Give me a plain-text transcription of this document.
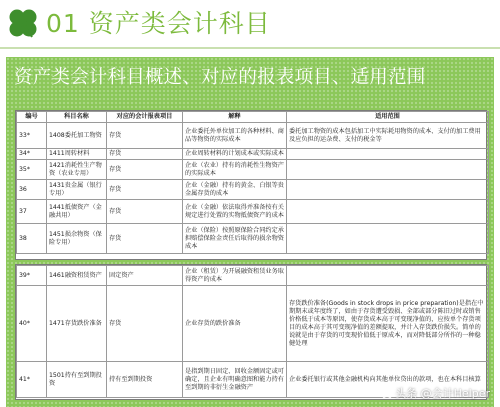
01 资产类会计科目
资产类会计科目概述、对应的报表项目、适用范围
编号	科目名称	对应的会计报表项目	解释	适用范围
33*	1408委托加工物资	存货	企业委托外单位加工的各种材料、商品等物资的实际成本	委托加工物资的成本包括加工中实际耗用物资的成本、支付的加工费用及应负担的运杂费、支付的税金等
34*	1411周转材料	存货	企业周转材料的计划成本或实际成本	
35*	1421消耗性生产物资（农业专用）	存货	企业（农业）持有的消耗性生物资产的实际成本	
36	1431贵金属（银行专用）	存货	企业（金融）持有的黄金、白银等贵金属存货的成本	
37	1441抵债资产（金融共用）	存货	企业（金融）依法取得并准备按有关规定进行处置的实物抵债资产的成本	
38	1451损余物资（保险专用）	存货	企业（保险）按照原保险合同约定承担赔偿保险金责任后取得的损余物资成本	
39*	1461融资租赁资产	固定资产	企业（租赁）为开展融资租赁业务取得资产的成本	
40*	1471存货跌价准备	存货	企业存货的跌价准备	存货跌价准备(Goods in stock drops in price preparation)是指在中期期末或年度终了，如由于存货遭受毁损、全部或部分陈旧过时或销售价格低于成本等原因，使存货成本高于可变现净值的，应按单个存货项目的成本高于其可变现净值的差额提取，并计入存货跌价损失。简单的说就是由于存货的可变现价值低于原成本，而对降低部分所作的一种稳健处理
41*	1501持有至到期投资	持有至到期投资	是指到期日固定、回收金额固定或可确定，且企业有明确意图和能力持有至到期的非衍生金融资产	企业委托银行或其他金融机构向其他单位贷出的款项，也在本科目核算
头条 @会计Helper
